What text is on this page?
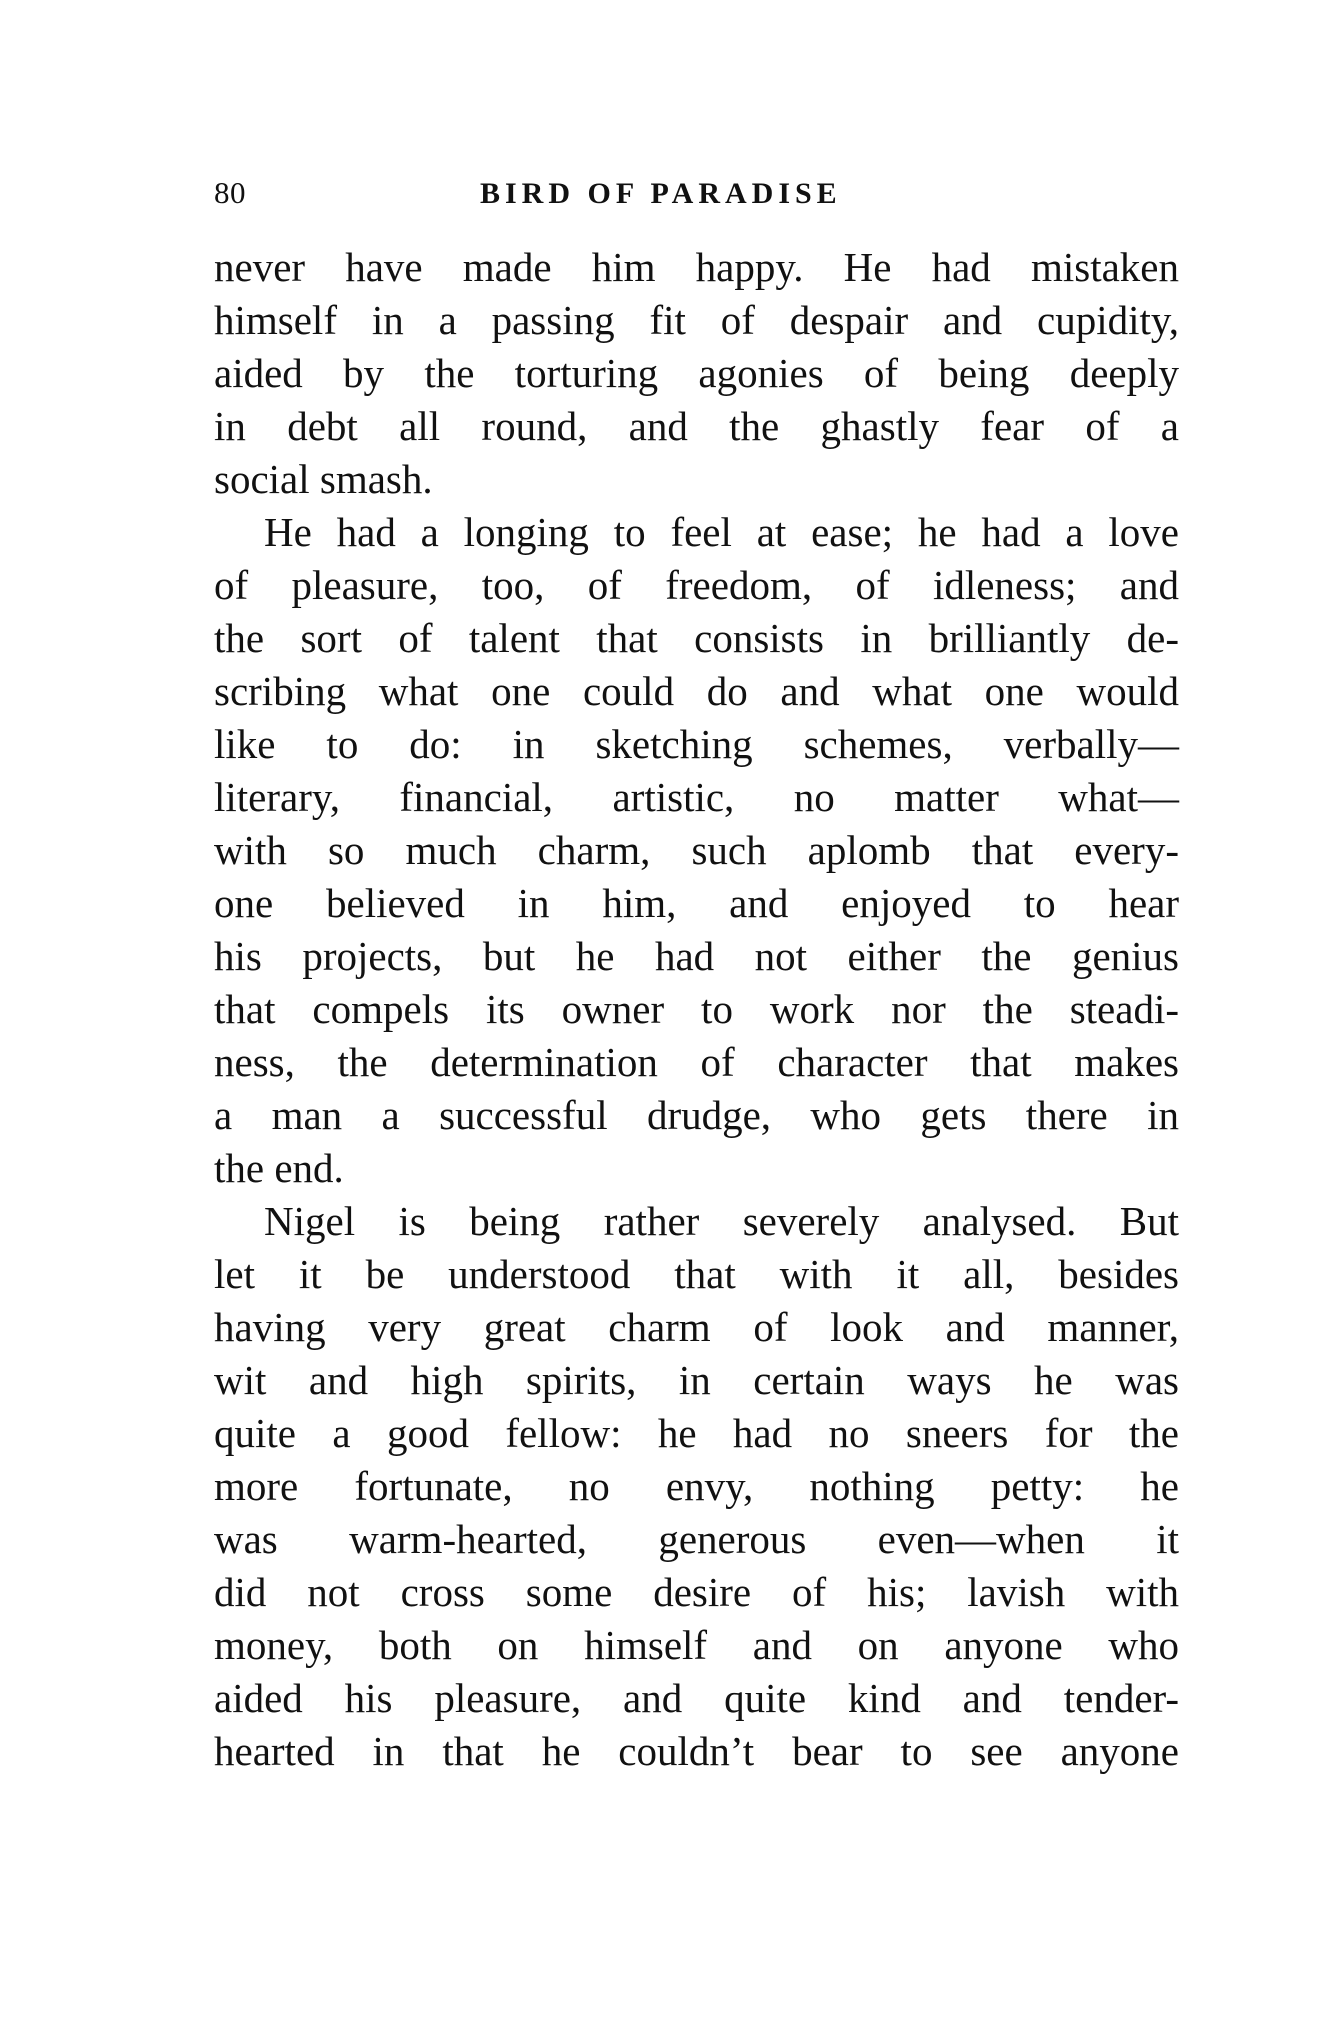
80	BIRD OF PARADISE
never have made him happy. He had mistaken
himself in a passing fit of despair and cupidity,
aided by the torturing agonies of being deeply
in debt all round, and the ghastly fear of a
social smash.
He had a longing to feel at ease; he had a love
of pleasure, too, of freedom, of idleness; and
the sort of talent that consists in brilliantly de-
scribing what one could do and what one would
like to do: in sketching schemes, verbally—
literary, financial, artistic, no matter what—
with so much charm, such aplomb that every-
one believed in him, and enjoyed to hear
his projects, but he had not either the genius
that compels its owner to work nor the steadi-
ness, the determination of character that makes
a man a successful drudge, who gets there in
the end.
Nigel is being rather severely analysed. But
let it be understood that with it all, besides
having very great charm of look and manner,
wit and high spirits, in certain ways he was
quite a good fellow: he had no sneers for the
more fortunate, no envy, nothing petty: he
was warm-hearted, generous even—when it
did not cross some desire of his; lavish with
money, both on himself and on anyone who
aided his pleasure, and quite kind and tender-
hearted in that he couldn’t bear to see anyone
